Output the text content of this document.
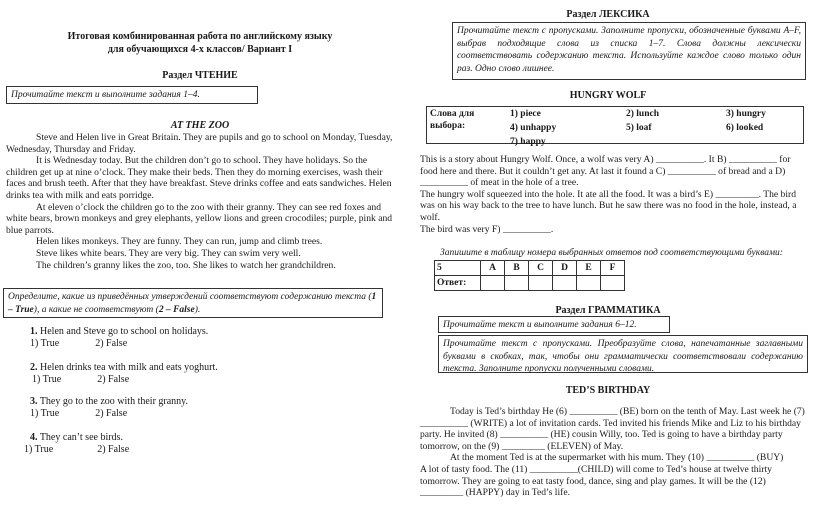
Итоговая комбинированная работа по английскому языку
для обучающихся 4-х классов/ Вариант I
Раздел ЧТЕНИЕ
Прочитайте текст и выполните задания 1–4.
AT THE ZOO

Steve and Helen live in Great Britain. They are pupils and go to school on Monday, Tuesday, Wednesday, Thursday and Friday.

It is Wednesday today. But the children don’t go to school. They have holidays. So the children get up at nine o’clock. They make their beds. Then they do morning exercises, wash their faces and brush teeth. After that they have breakfast. Steve drinks coffee and eats sandwiches. Helen drinks tea with milk and eats porridge.

At eleven o’clock the children go to the zoo with their granny. They can see red foxes and white bears, brown monkeys and grey elephants, yellow lions and green crocodiles; purple, pink and blue parrots.

Helen likes monkeys. They are funny. They can run, jump and climb trees.

Steve likes white bears. They are very big. They can swim very well.

The children’s granny likes the zoo, too. She likes to watch her grandchildren.

Определите, какие из приведённых утверждений соответствуют содержанию текста (1 – True), а какие не соответствуют (2 – False).
1. Helen and Steve go to school on holidays.
1) True	2) False
2. Helen drinks tea with milk and eats yoghurt.
1) True	2) False
3. They go to the zoo with their granny.
1) True	2) False
4. They can’t see birds.
1) True	2) False
Раздел ЛЕКСИКА
Прочитайте текст с пропусками. Заполните пропуски, обозначенные буквами A–F, выбрав подходящие слова из списка 1–7. Слова должны лексически соответствовать содержанию текста. Используйте каждое слово только один раз. Одно слово лишнее.
HUNGRY WOLF
Слова для выбора:	1) piece	2) lunch	3) hungry
	4) unhappy	5) loaf	6) looked
	7) happy		

This is a story about Hungry Wolf. Once, a wolf was very A) __________. It B) __________ for food here and there. But it couldn’t get any. At last it found a C) __________ of bread and a D) __________ of meat in the hole of a tree.

The hungry wolf squeezed into the hole. It ate all the food. It was a bird’s E) _________. The bird was on his way back to the tree to have lunch. But he saw there was no food in the hole, instead, a wolf.

The bird was very F) __________.

Запишите в таблицу номера выбранных ответов под соответствующими буквами:
5	A	B	C	D	E	F
Ответ:						
Раздел ГРАММАТИКА
Прочитайте текст и выполните задания 6–12.
Прочитайте текст с пропусками. Преобразуйте слова, напечатанные заглавными буквами в скобках, так, чтобы они грамматически соответствовали содержанию текста. Заполните пропуски полученными словами.
TED’S BIRTHDAY

Today is Ted’s birthday He (6) __________ (BE) born on the tenth of May. Last week he (7) __________ (WRITE) a lot of invitation cards. Ted invited his friends Mike and Liz to his birthday party. He invited (8) __________ (HE) cousin Willy, too. Ted is going to have a birthday party tomorrow, on the (9) _________ (ELEVEN) of May.

At the moment Ted is at the supermarket with his mum. They (10) __________ (BUY)

A lot of tasty food. The (11) __________(CHILD) will come to Ted’s house at twelve thirty tomorrow. They are going to eat tasty food, dance, sing and play games. It will be the (12) _________ (HAPPY) day in Ted’s life.
